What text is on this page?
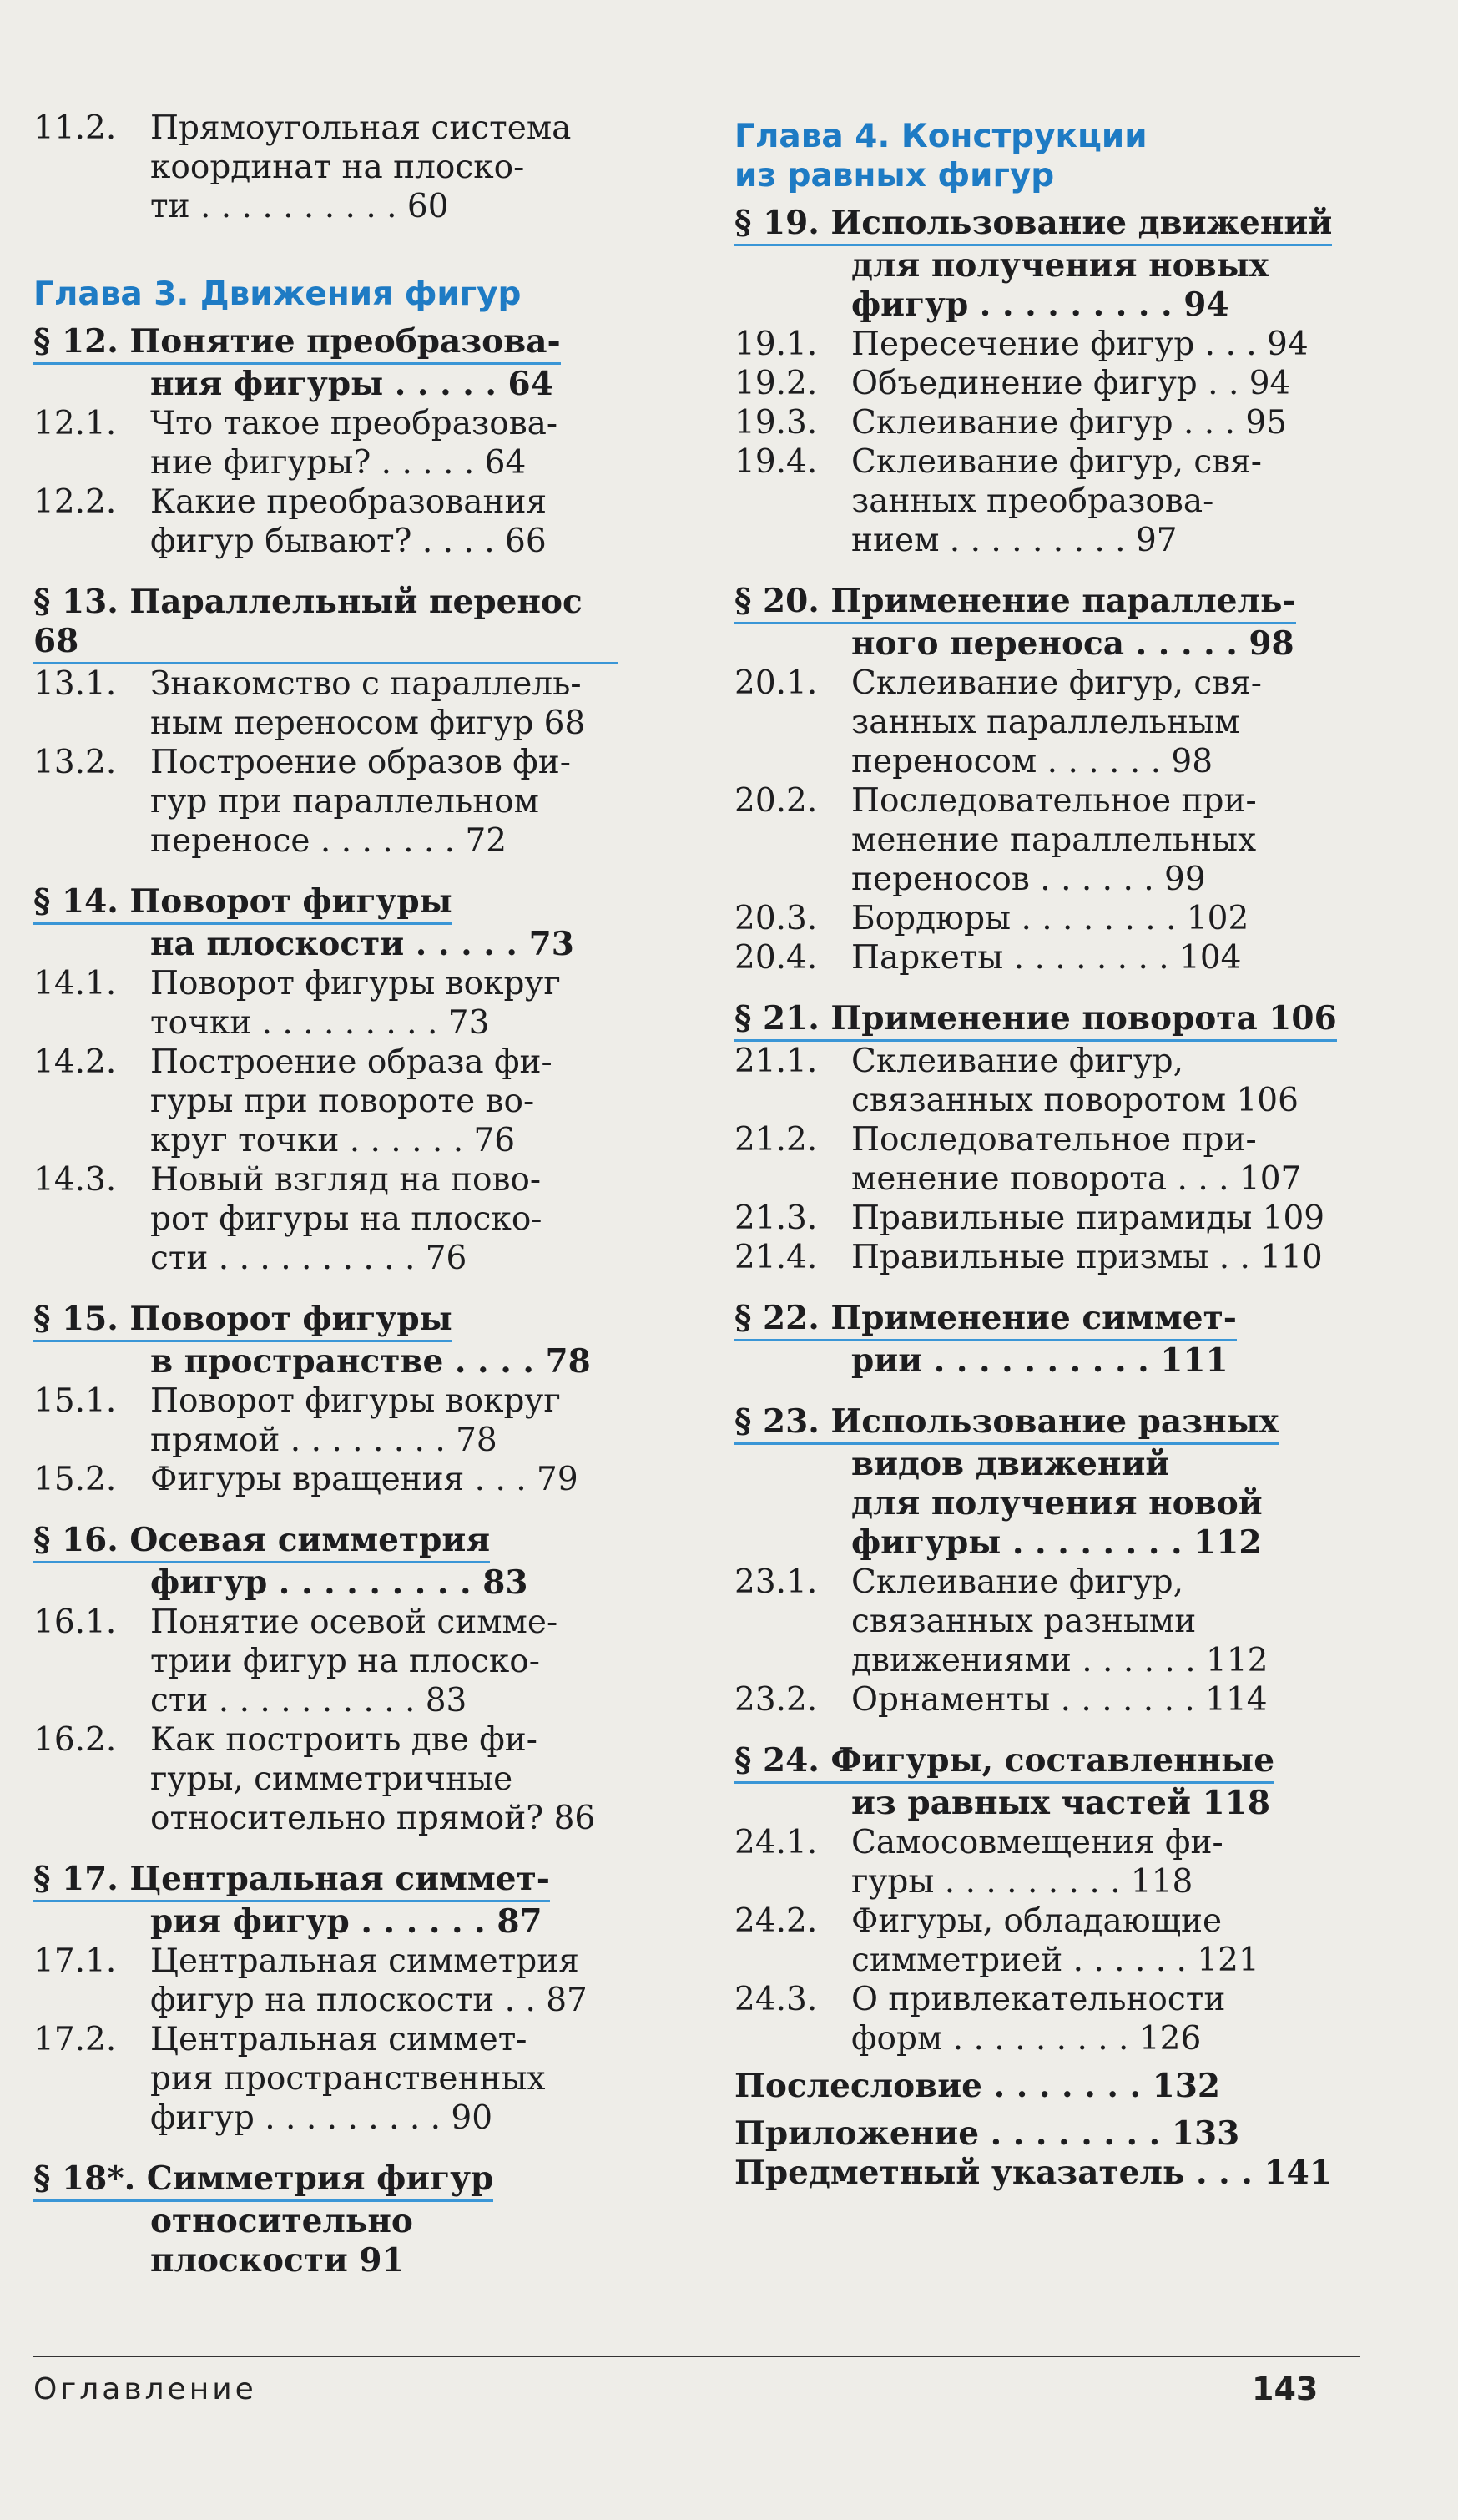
11.2.	Прямоугольная система
координат на плоско-
ти . . . . . . . . . . 60
Глава 3. Движения фигур
§ 12. Понятие преобразова-
ния фигуры . . . . . 64
12.1.	Что такое преобразова-
ние фигуры? . . . . . 64
12.2.	Какие преобразования
фигур бывают? . . . . 66
§ 13. Параллельный перенос 68
13.1.	Знакомство с параллель-
ным переносом фигур 68
13.2.	Построение образов фи-
гур при параллельном
переносе . . . . . . . 72
§ 14. Поворот фигуры
на плоскости . . . . . 73
14.1.	Поворот фигуры вокруг
точки . . . . . . . . . 73
14.2.	Построение образа фи-
гуры при повороте во-
круг точки . . . . . . 76
14.3.	Новый взгляд на пово-
рот фигуры на плоско-
сти . . . . . . . . . . 76
§ 15. Поворот фигуры
в пространстве . . . . 78
15.1.	Поворот фигуры вокруг
прямой . . . . . . . . 78
15.2.	Фигуры вращения . . . 79
§ 16. Осевая симметрия
фигур . . . . . . . . . 83
16.1.	Понятие осевой симме-
трии фигур на плоско-
сти . . . . . . . . . . 83
16.2.	Как построить две фи-
гуры, симметричные
относительно прямой? 86
§ 17. Центральная симмет-
рия фигур . . . . . . 87
17.1.	Центральная симметрия
фигур на плоскости . . 87
17.2.	Центральная симмет-
рия пространственных
фигур . . . . . . . . . 90
§ 18*. Симметрия фигур
относительно плоскости 91
Глава 4. Конструкции
из равных фигур
§ 19. Использование движений
для получения новых
фигур . . . . . . . . . 94
19.1.	Пересечение фигур . . . 94
19.2.	Объединение фигур . . 94
19.3.	Склеивание фигур . . . 95
19.4.	Склеивание фигур, свя-
занных преобразова-
нием . . . . . . . . . 97
§ 20. Применение параллель-
ного переноса . . . . . 98
20.1.	Склеивание фигур, свя-
занных параллельным
переносом . . . . . . 98
20.2.	Последовательное при-
менение параллельных
переносов . . . . . . 99
20.3.	Бордюры . . . . . . . . 102
20.4.	Паркеты . . . . . . . . 104
§ 21. Применение поворота 106
21.1.	Склеивание фигур,
связанных поворотом 106
21.2.	Последовательное при-
менение поворота . . . 107
21.3.	Правильные пирамиды 109
21.4.	Правильные призмы . . 110
§ 22. Применение симмет-
рии . . . . . . . . . . 111
§ 23. Использование разных
видов движений
для получения новой
фигуры . . . . . . . . 112
23.1.	Склеивание фигур,
связанных разными
движениями . . . . . . 112
23.2.	Орнаменты . . . . . . . 114
§ 24. Фигуры, составленные
из равных частей 118
24.1.	Самосовмещения фи-
гуры . . . . . . . . . 118
24.2.	Фигуры, обладающие
симметрией . . . . . . 121
24.3.	О привлекательности
форм . . . . . . . . . 126
Послесловие . . . . . . . 132
Приложение . . . . . . . . 133
Предметный указатель . . . 141
Оглавление	143
